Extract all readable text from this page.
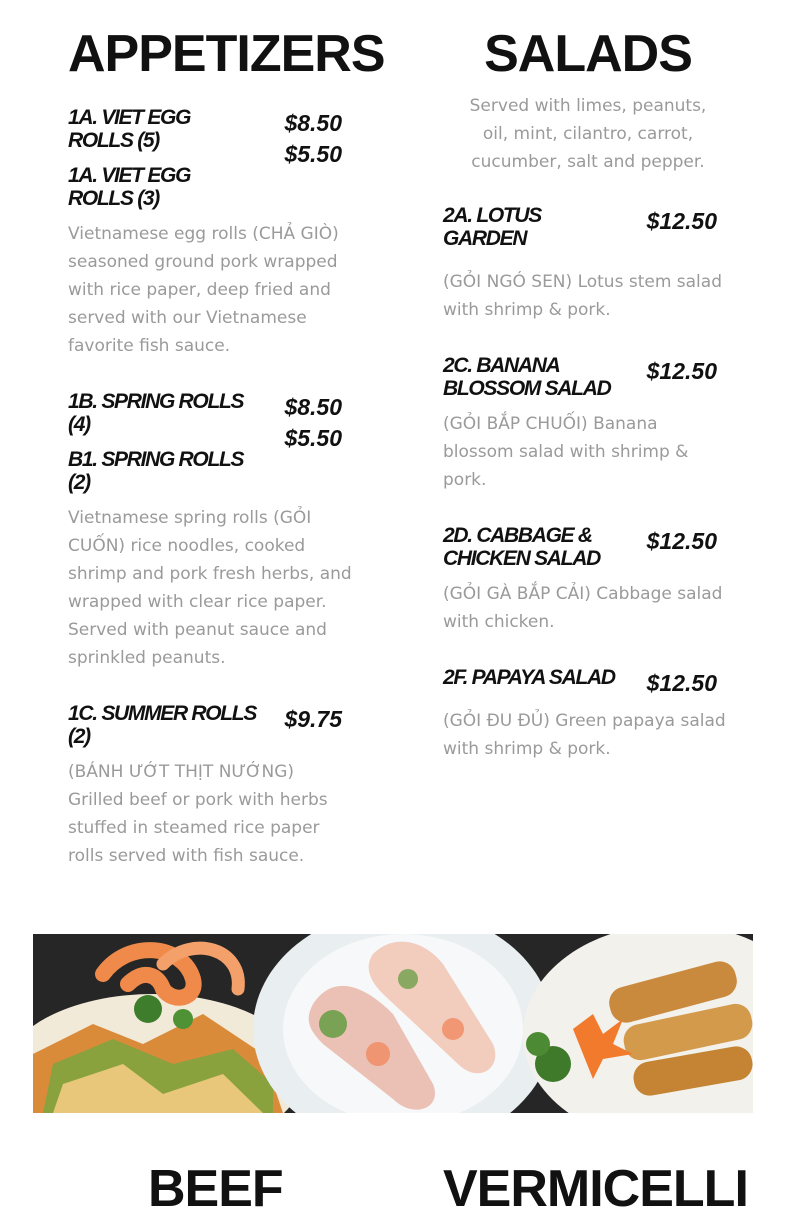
APPETIZERS
1A. VIET EGG ROLLS (5)
1A. VIET EGG ROLLS (3)
$8.50
$5.50
Vietnamese egg rolls (CHẢ GIÒ) seasoned ground pork wrapped with rice paper, deep fried and served with our Vietnamese favorite fish sauce.
1B. SPRING ROLLS (4)
B1. SPRING ROLLS (2)
$8.50
$5.50
Vietnamese spring rolls (GỎI CUỐN) rice noodles, cooked shrimp and pork fresh herbs, and wrapped with clear rice paper. Served with peanut sauce and sprinkled peanuts.
1C. SUMMER ROLLS (2)
$9.75
(BÁNH ƯỚT THỊT NƯỚNG) Grilled beef or pork with herbs stuffed in steamed rice paper rolls served with fish sauce.
SALADS
Served with limes, peanuts, oil, mint, cilantro, carrot, cucumber, salt and pepper.
2A. LOTUS GARDEN
$12.50
(GỎI NGÓ SEN) Lotus stem salad with shrimp & pork.
2C. BANANA BLOSSOM SALAD
$12.50
(GỎI BẮP CHUỐI) Banana blossom salad with shrimp & pork.
2D. CABBAGE & CHICKEN SALAD
$12.50
(GỎI GÀ BẮP CẢI) Cabbage salad with chicken.
2F. PAPAYA SALAD	$12.50
(GỎI ĐU ĐỦ) Green papaya salad with shrimp & pork.
BEEF	VERMICELLI
